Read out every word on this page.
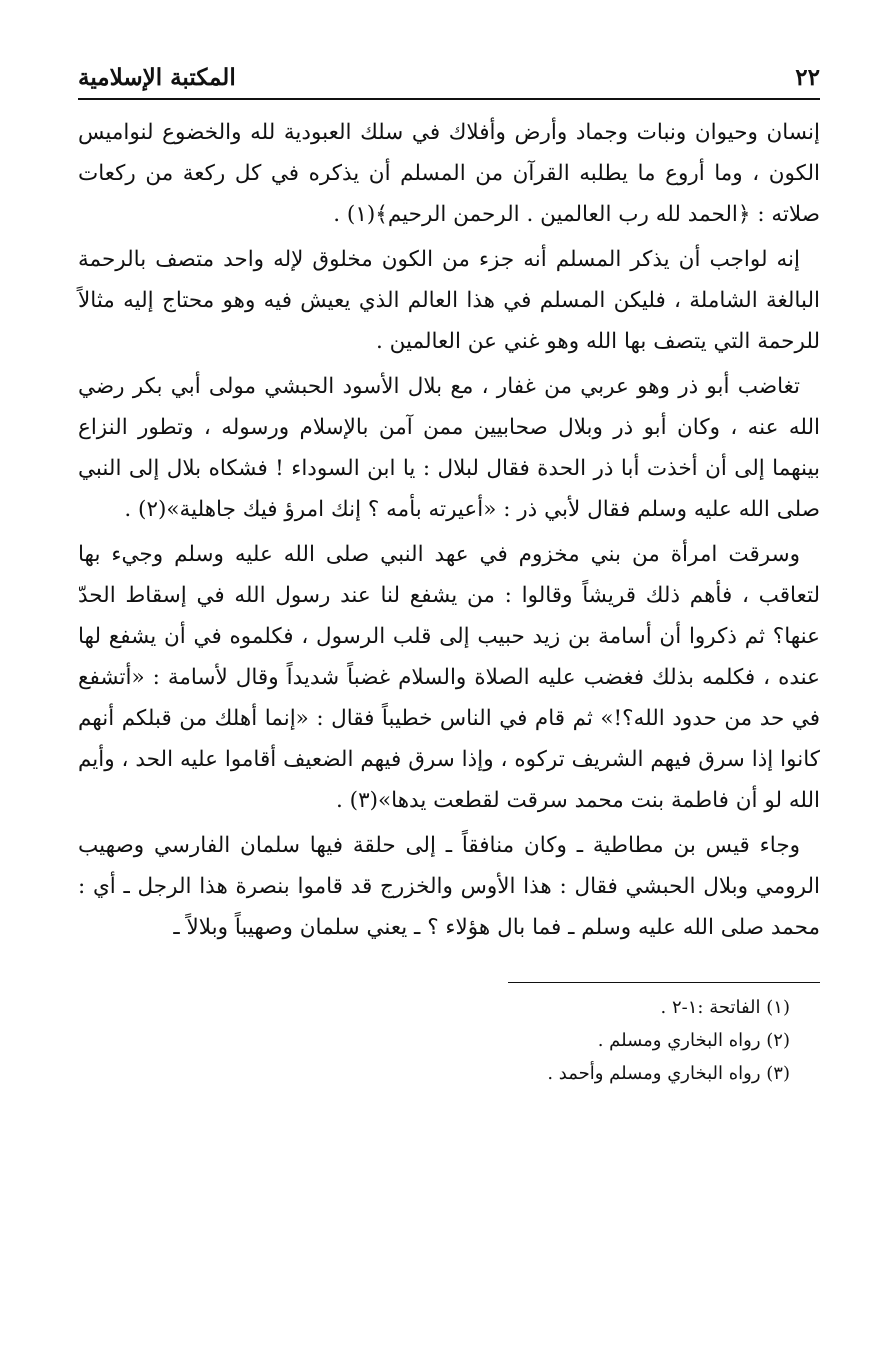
٢٢
المكتبة الإسلامية

إنسان وحيوان ونبات وجماد وأرض وأفلاك في سلك العبودية لله والخضوع لنواميس الكون ، وما أروع ما يطلبه القرآن من المسلم أن يذكره في كل ركعة من ركعات صلاته : ﴿الحمد لله رب العالمين . الرحمن الرحيم﴾(١) .

إنه لواجب أن يذكر المسلم أنه جزء من الكون مخلوق لإله واحد متصف بالرحمة البالغة الشاملة ، فليكن المسلم في هذا العالم الذي يعيش فيه وهو محتاج إليه مثالاً للرحمة التي يتصف بها الله وهو غني عن العالمين .

تغاضب أبو ذر وهو عربي من غفار ، مع بلال الأسود الحبشي مولى أبي بكر رضي الله عنه ، وكان أبو ذر وبلال صحابيين ممن آمن بالإسلام ورسوله ، وتطور النزاع بينهما إلى أن أخذت أبا ذر الحدة فقال لبلال : يا ابن السوداء ! فشكاه بلال إلى النبي صلى الله عليه وسلم فقال لأبي ذر : «أعيرته بأمه ؟ إنك امرؤ فيك جاهلية»(٢) .

وسرقت امرأة من بني مخزوم في عهد النبي صلى الله عليه وسلم وجيء بها لتعاقب ، فأهم ذلك قريشاً وقالوا : من يشفع لنا عند رسول الله في إسقاط الحدّ عنها؟ ثم ذكروا أن أسامة بن زيد حبيب إلى قلب الرسول ، فكلموه في أن يشفع لها عنده ، فكلمه بذلك فغضب عليه الصلاة والسلام غضباً شديداً وقال لأسامة : «أتشفع في حد من حدود الله؟!» ثم قام في الناس خطيباً فقال : «إنما أهلك من قبلكم أنهم كانوا إذا سرق فيهم الشريف تركوه ، وإذا سرق فيهم الضعيف أقاموا عليه الحد ، وأيم الله لو أن فاطمة بنت محمد سرقت لقطعت يدها»(٣) .

وجاء قيس بن مطاطية ـ وكان منافقاً ـ إلى حلقة فيها سلمان الفارسي وصهيب الرومي وبلال الحبشي فقال : هذا الأوس والخزرج قد قاموا بنصرة هذا الرجل ـ أي : محمد صلى الله عليه وسلم ـ فما بال هؤلاء ؟ ـ يعني سلمان وصهيباً وبلالاً ـ

(١) الفاتحة :١-٢ .
(٢) رواه البخاري ومسلم .
(٣) رواه البخاري ومسلم وأحمد .
